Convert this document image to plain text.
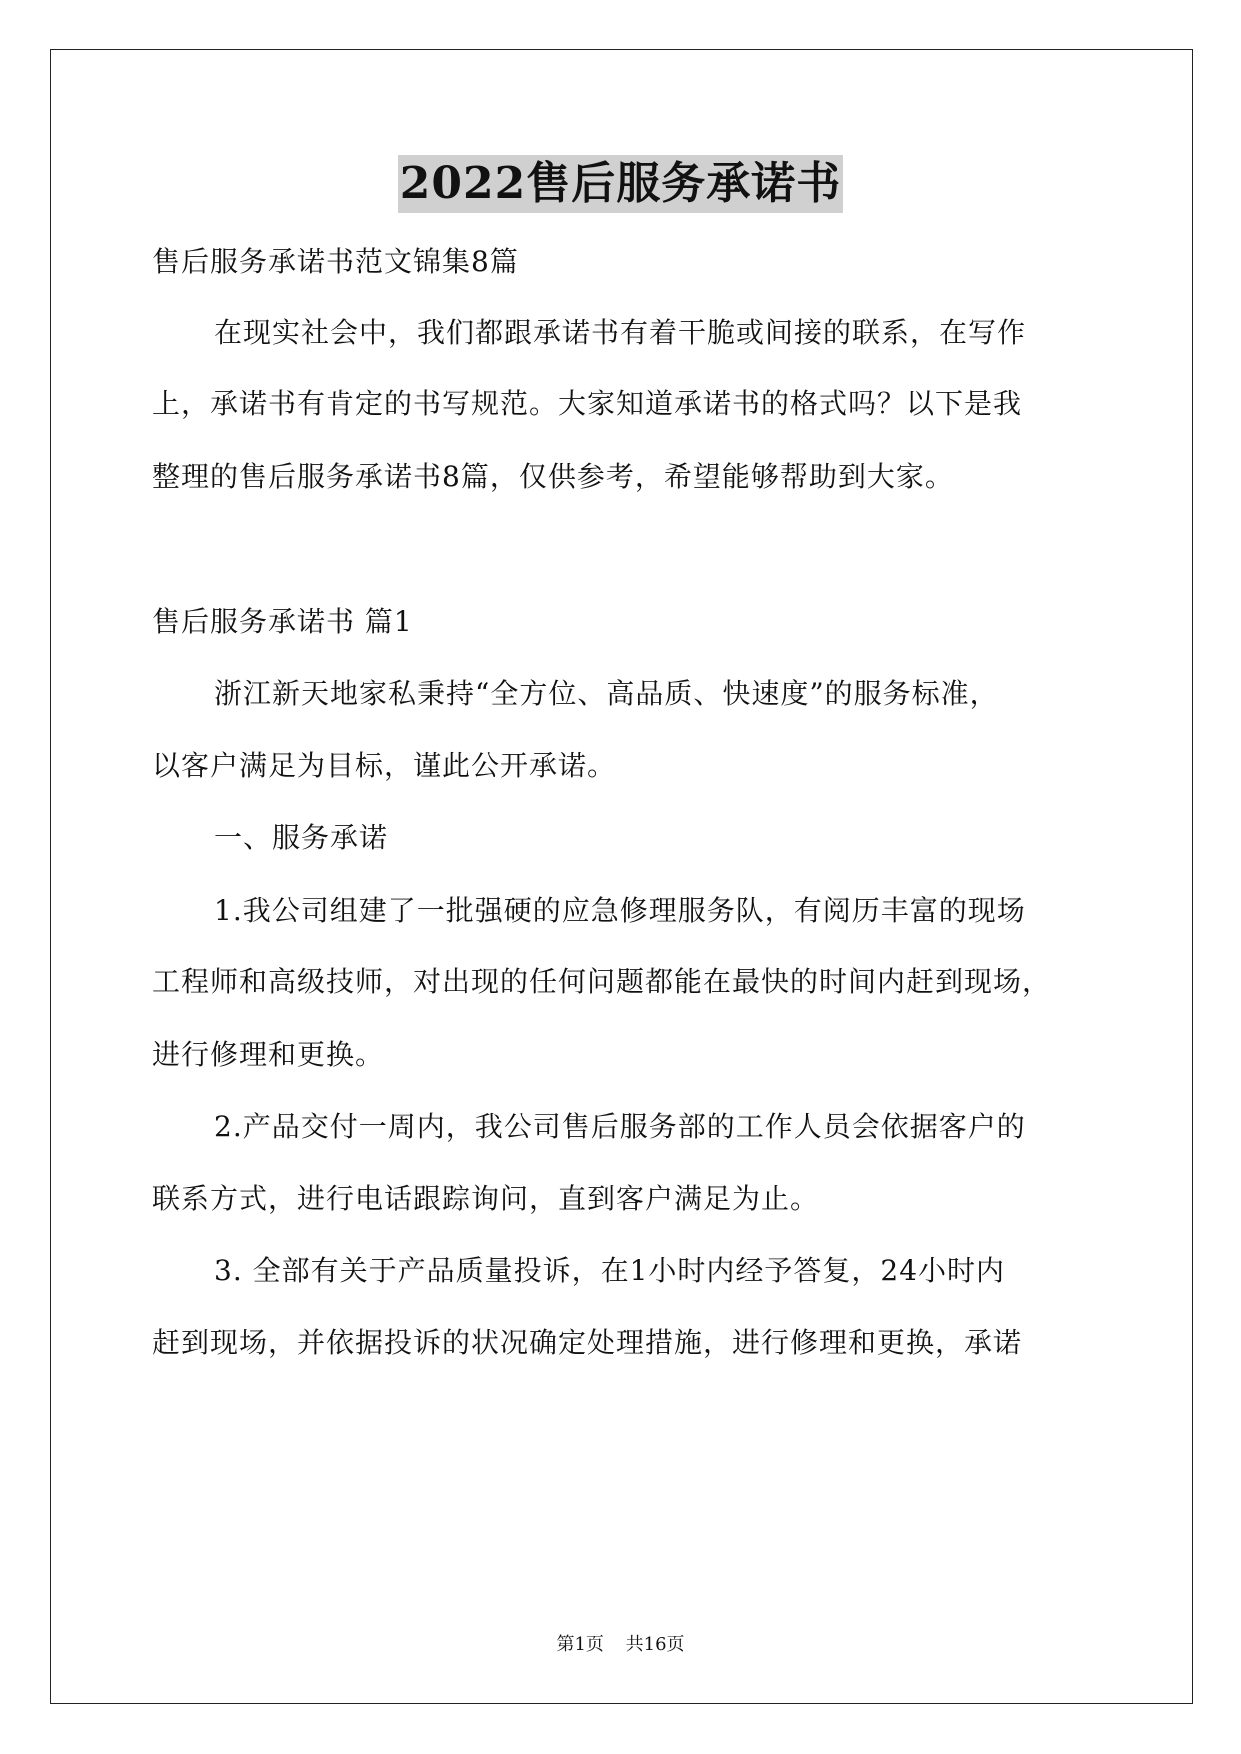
2022售后服务承诺书
售后服务承诺书范文锦集8篇
在现实社会中，我们都跟承诺书有着干脆或间接的联系，在写作
上，承诺书有肯定的书写规范。大家知道承诺书的格式吗？以下是我
整理的售后服务承诺书8篇，仅供参考，希望能够帮助到大家。
售后服务承诺书 篇1
浙江新天地家私秉持“全方位、高品质、快速度”的服务标准，
以客户满足为目标，谨此公开承诺。
一、服务承诺
1.我公司组建了一批强硬的应急修理服务队，有阅历丰富的现场
工程师和高级技师，对出现的任何问题都能在最快的时间内赶到现场，
进行修理和更换。
2.产品交付一周内，我公司售后服务部的工作人员会依据客户的
联系方式，进行电话跟踪询问，直到客户满足为止。
3. 全部有关于产品质量投诉，在1小时内经予答复，24小时内
赶到现场，并依据投诉的状况确定处理措施，进行修理和更换，承诺
第1页 共16页
